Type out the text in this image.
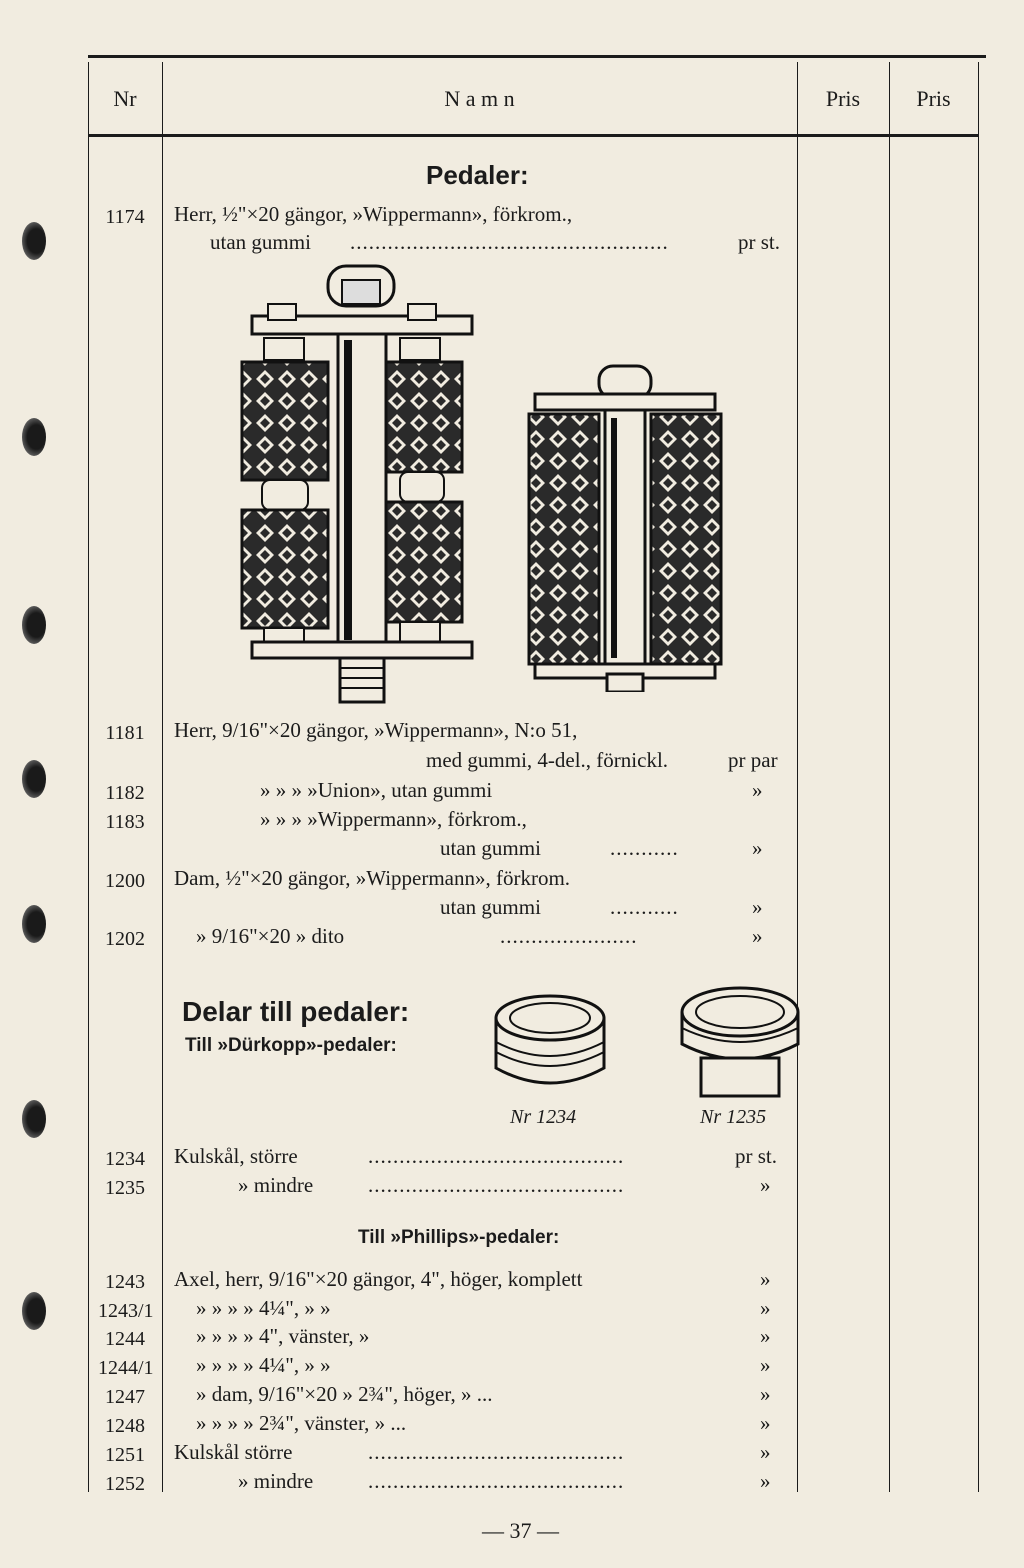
Nr	N a m n	Pris	Pris
Pedaler:
1174	Herr, ½"×20 gängor, »Wippermann», förkrom.,
utan gummi ...................................................	pr st.
1181	Herr, 9/16"×20 gängor, »Wippermann», N:o 51,
med gummi, 4-del., förnickl.	pr par
1182	» » » »Union», utan gummi	»
1183	» » » »Wippermann», förkrom.,
utan gummi	...........	»
1200	Dam, ½"×20 gängor, »Wippermann», förkrom.
utan gummi	...........	»
1202	» 9/16"×20 » dito	......................	»
Delar till pedaler:
Till »Dürkopp»-pedaler:
Nr 1234	Nr 1235
1234	Kulskål, större	.........................................	pr st.
1235	» mindre	.........................................	»
Till »Phillips»-pedaler:
1243	Axel, herr, 9/16"×20 gängor, 4", höger, komplett	»
1243/1 » » » » 4¼", » »	»
1244	» » » » 4", vänster, »	»
1244/1 » » » » 4¼", » »	»
1247	» dam, 9/16"×20 » 2¾", höger, » ...	»
1248	» » » » 2¾", vänster, » ...	»
1251	Kulskål större	.........................................	»
1252	» mindre	.........................................	»
— 37 —
